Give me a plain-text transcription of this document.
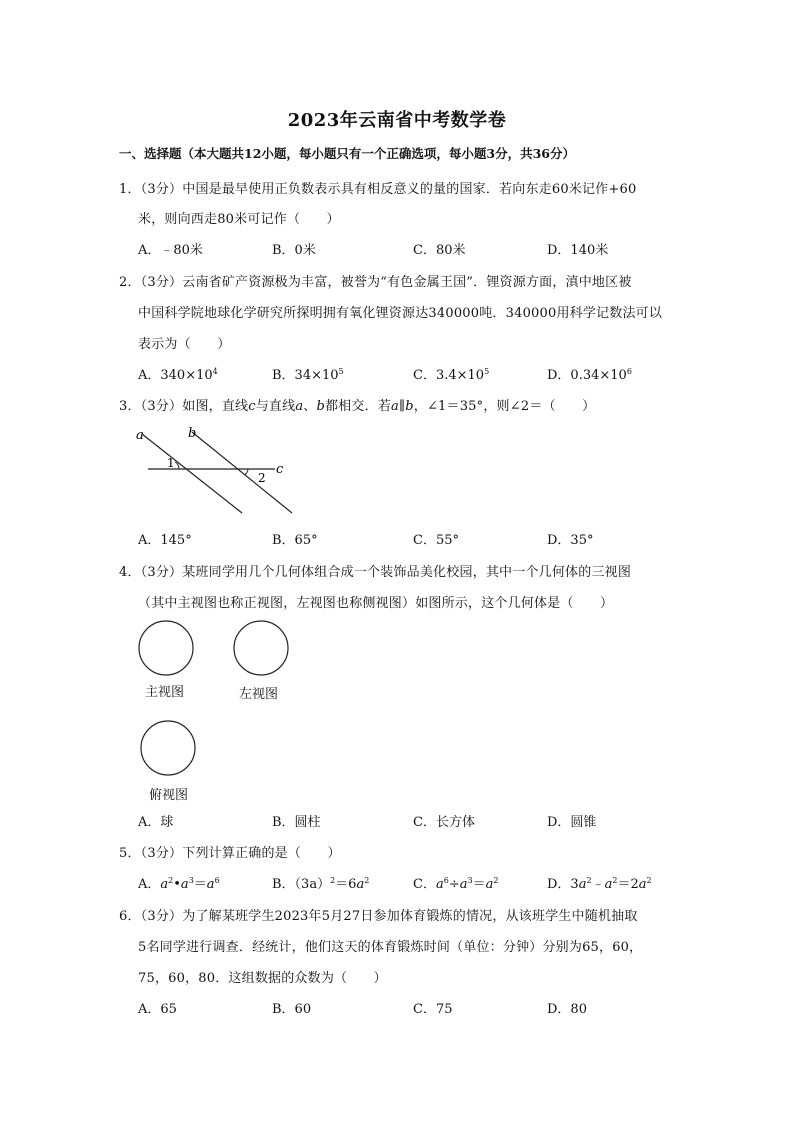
2023年云南省中考数学卷
一、选择题（本大题共12小题，每小题只有一个正确选项，每小题3分，共36分）
1．（3分）中国是最早使用正负数表示具有相反意义的量的国家．若向东走60米记作+60
米，则向西走80米可记作（　　）
A．﹣80米	B．0米	C．80米	D．140米
2．（3分）云南省矿产资源极为丰富，被誉为“有色金属王国”．锂资源方面，滇中地区被
中国科学院地球化学研究所探明拥有氧化锂资源达340000吨．340000用科学记数法可以
表示为（　　）
A．$340\times 10^4$	B．$34\times 10^5$	C．$3.4\times 10^5$	D．$0.34\times 10^6$
3．（3分）如图，直线c与直线a、b都相交．若a∥b，∠1＝35°，则∠2＝（　　）
a	b
c
1
2
A．145°	B．65°	C．55°	D．35°
4．（3分）某班同学用几个几何体组合成一个装饰品美化校园，其中一个几何体的三视图
（其中主视图也称正视图，左视图也称侧视图）如图所示，这个几何体是（　　）
主视图	左视图
俯视图
A．球	B．圆柱	C．长方体	D．圆锥
5．（3分）下列计算正确的是（　　）
A．$a^2•a^3=a^6$	B．$(3a)^2=6a^2$	C．$a^6\div a^3=a^2$	D．$3a^2﹣a^2=2a^2$
6．（3分）为了解某班学生2023年5月27日参加体育锻炼的情况，从该班学生中随机抽取
5名同学进行调查．经统计，他们这天的体育锻炼时间（单位：分钟）分别为65，60，
75，60，80．这组数据的众数为（　　）
A．65	B．60	C．75	D．80
